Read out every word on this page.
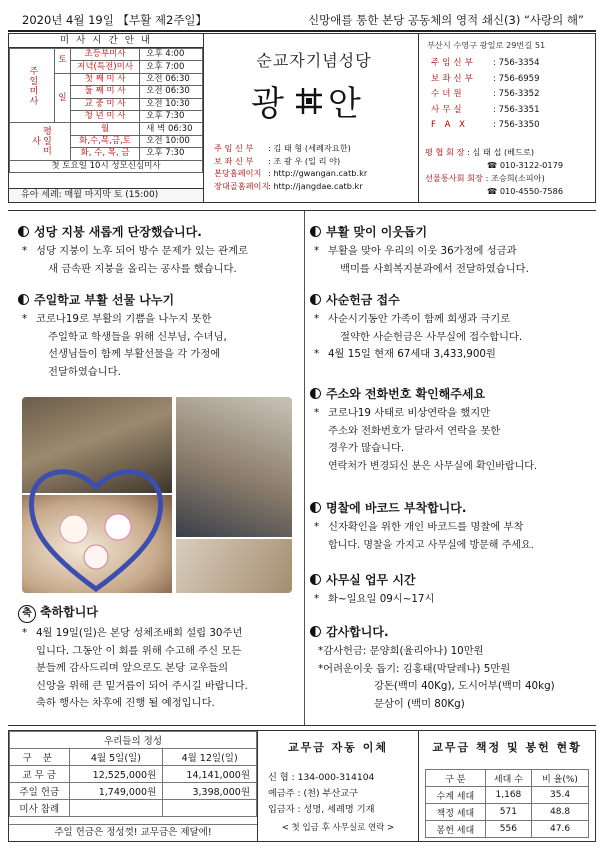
2020년 4월 19일 【부활 제2주일】	신망애를 통한 본당 공동체의 영적 쇄신(3) “사랑의 해”
미 사 시 간 안 내
주일미사	토	초등부미사	오후 4:00
		저녁(특전)미사	오후 7:00
	일	첫 째 미 사	오전 06:30
		둘 째 미 사	오전 06:30
		교 중 미 사	오전 10:30
		청 년 미 사	오후 7:30
평일미사		월	새 벽 06:30
		화,수,목,금,토	오전 10:00
		화, 수, 목, 금	오후 7:30
첫 토요일 10시 성모신심미사			
유아 세례: 매월 마지막 토 (15:00)
순교자기념성당
광 안
주 임 신 부 : 김 태 형 (세례자요한)
보 좌 신 부 : 조 광 우 (일 리 야)
본당홈페이지 : http://gwangan.catb.kr
장대골홈페이지: http://jangdae.catb.kr
부산시 수영구 광일로 29번길 51
주임신부 : 756-3354
보좌신부 : 756-6959
수녀원	: 756-3352
사무실	: 756-3351
F A X	: 756-3350
평 협 회 장 : 심 태 섭 (베드로)
☎ 010-3122-0179
선물통사회 회장 : 조승희(소피아)
☎ 010-4550-7586
성당 지붕 새롭게 단장했습니다.
* 성당 지붕이 노후 되어 방수 문제가 있는 관계로
새 금속판 지붕을 올리는 공사를 했습니다.
주일학교 부활 선물 나누기
* 코로나19로 부활의 기쁨을 나누지 못한
주일학교 학생들을 위해 신부님, 수녀님,
선생님들이 함께 부활선물을 각 가정에
전달하였습니다.
축 축하합니다
* 4월 19일(일)은 본당 성체조배회 설립 30주년
입니다. 그동안 이 회를 위해 수고해 주신 모든
분들께 감사드리며 앞으로도 본당 교우들의
신앙을 위해 큰 밑거름이 되어 주시길 바랍니다.
축하 행사는 차후에 진행 될 예정입니다.
부활 맞이 이웃돕기
* 부활을 맞아 우리의 이웃 36가정에 성금과
백미를 사회복지분과에서 전달하였습니다.
사순헌금 접수
* 사순시기동안 가족이 함께 희생과 극기로
절약한 사순헌금은 사무실에 접수합니다.
* 4월 15일 현재 67세대 3,433,900원
주소와 전화번호 확인해주세요
* 코로나19 사태로 비상연락을 했지만
주소와 전화번호가 달라서 연락을 못한
경우가 많습니다.
연락처가 변경되신 분은 사무실에 확인바랍니다.
명찰에 바코드 부착합니다.
* 신자확인을 위한 개인 바코드를 명찰에 부착
합니다. 명찰을 가지고 사무실에 방문해 주세요.
사무실 업무 시간
* 화~일요일 09시~17시
감사합니다.
*감사헌금: 문양희(율리아나) 10만원
*어려운이웃 돕기: 김홍태(막달레나) 5만원
강돈(백미 40Kg), 도시어부(백미 40kg)
문삼이 (백미 80Kg)
우리들의 정성		
구 분	4월 5일(일)	4월 12일(일)
교 무 금	12,525,000원	14,141,000원
주일 헌금	1,749,000원	3,398,000원
미사 참례		
주일 헌금은 정성껏! 교무금은 제달에!
교무금 자동 이체
신 협 : 134-000-314104
예금주 : (천) 부산교구
입금자 : 성명, 세례명 기재
< 첫 입금 후 사무실로 연락 >
교무금 책정 및 봉헌 현황
구 분	세대 수	비 율(%)
수계 세대	1,168	35.4
책정 세대	571	48.8
봉헌 세대	556	47.6
